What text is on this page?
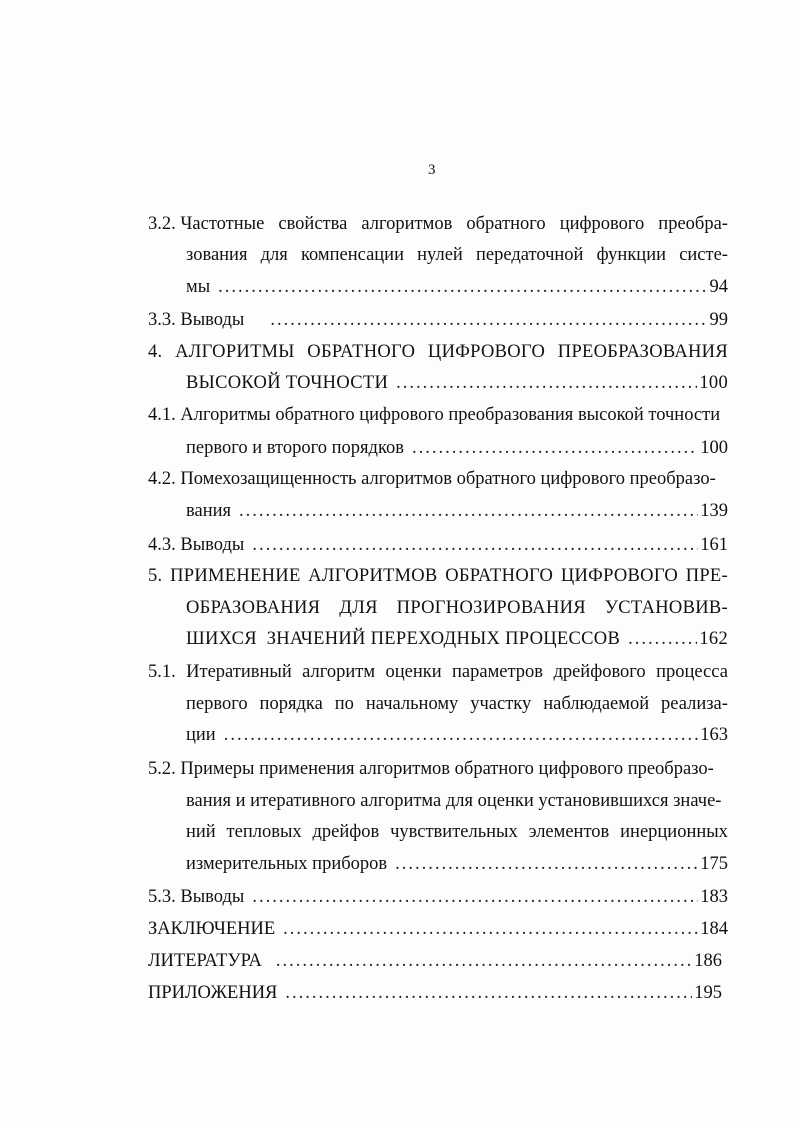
3
3.2. Частотные свойства алгоритмов обратного цифрового преобра-
зования для компенсации нулей передаточной функции систе-
мы .....	94
3.3. Выводы .....	99
4. АЛГОРИТМЫ ОБРАТНОГО ЦИФРОВОГО ПРЕОБРАЗОВАНИЯ
ВЫСОКОЙ ТОЧНОСТИ .....	100
4.1. Алгоритмы обратного цифрового преобразования высокой точности
первого и второго порядков .....	100
4.2. Помехозащищенность алгоритмов обратного цифрового преобразо-
вания .....	139
4.3. Выводы .....	161
5. ПРИМЕНЕНИЕ АЛГОРИТМОВ ОБРАТНОГО ЦИФРОВОГО ПРЕ-
ОБРАЗОВАНИЯ ДЛЯ ПРОГНОЗИРОВАНИЯ УСТАНОВИВ-
ШИХСЯ  ЗНАЧЕНИЙ ПЕРЕХОДНЫХ ПРОЦЕССОВ .....	162
5.1. Итеративный алгоритм оценки параметров дрейфового процесса
первого порядка по начальному участку наблюдаемой реализа-
ции .....	163
5.2. Примеры применения алгоритмов обратного цифрового преобразо-
вания и итеративного алгоритма для оценки установившихся значе-
ний тепловых дрейфов чувствительных элементов инерционных
измерительных приборов .....	175
5.3. Выводы .....	183
ЗАКЛЮЧЕНИЕ .....	184
ЛИТЕРАТУРА .....	186
ПРИЛОЖЕНИЯ .....	195
